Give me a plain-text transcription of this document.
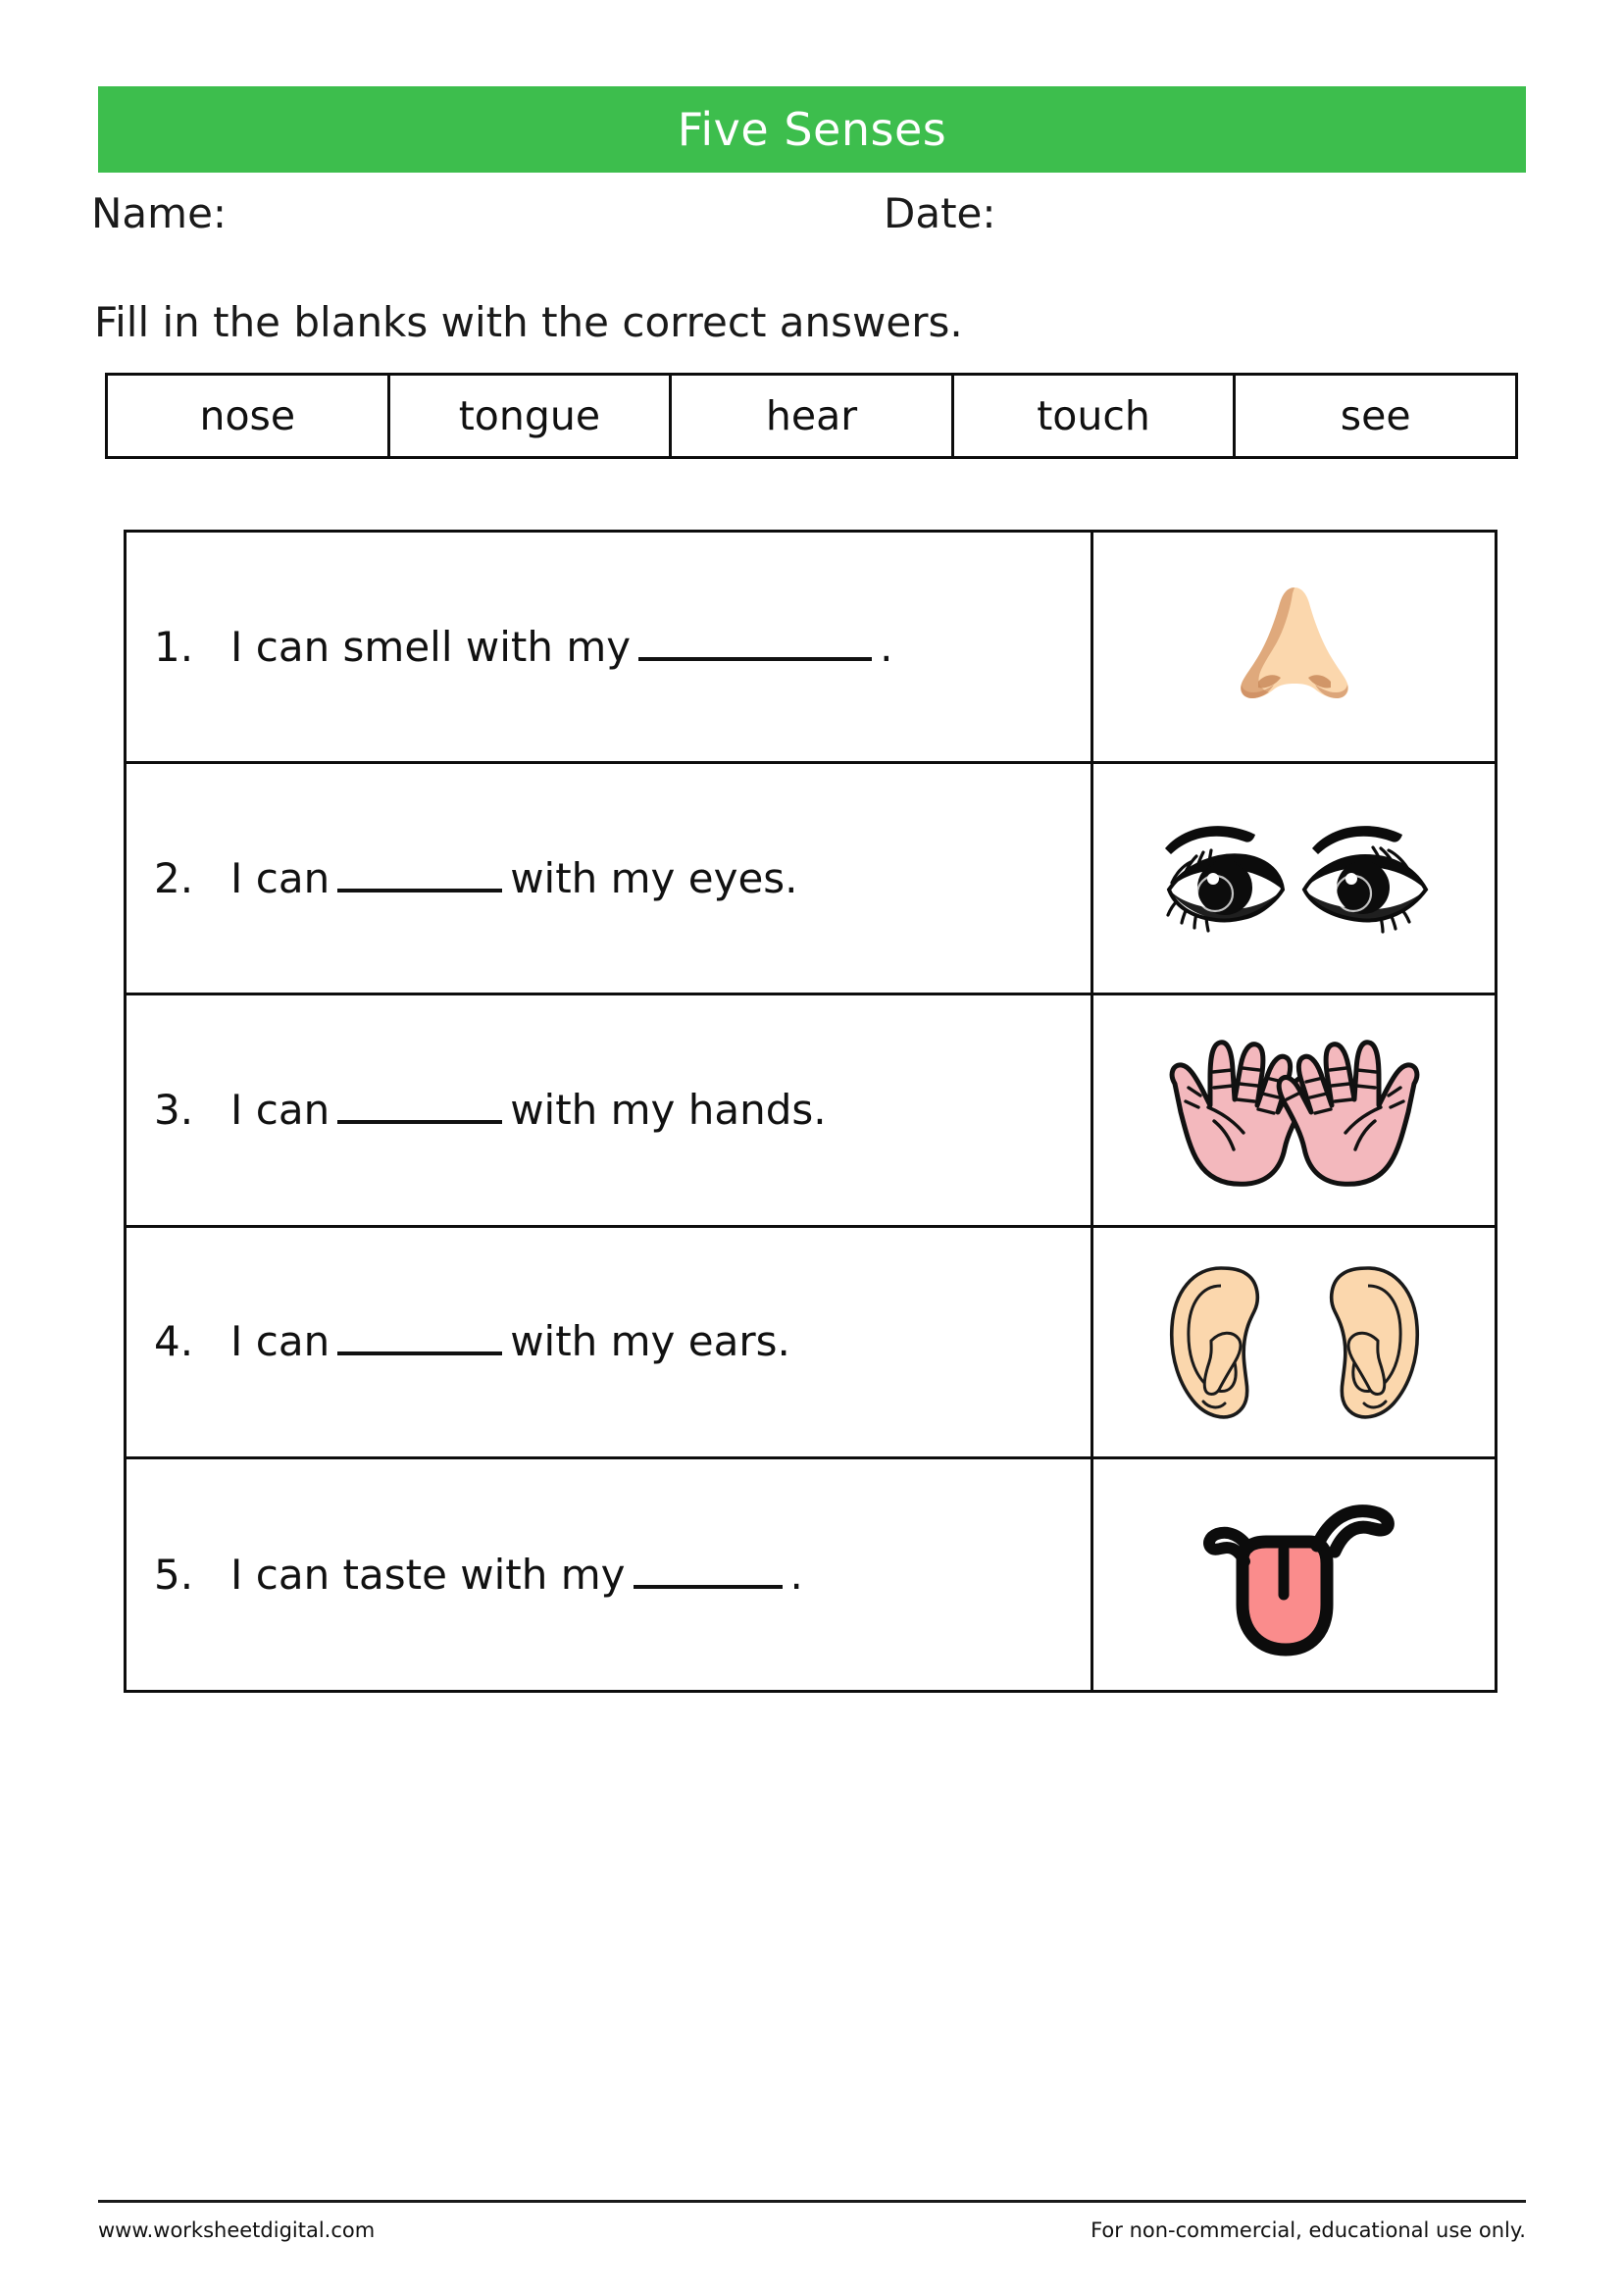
Five Senses
Name:	Date:
Fill in the blanks with the correct answers.
nose	tongue	hear	touch	see
1. I can smell with my	.
2. I can	with my eyes.
3. I can	with my hands.
4. I can	with my ears.
5. I can taste with my	.
www.worksheetdigital.com	For non-commercial, educational use only.
